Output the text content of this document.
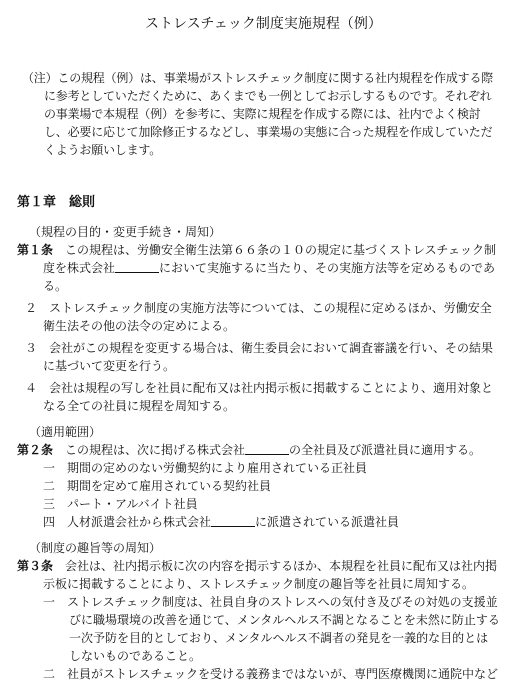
ストレスチェック制度実施規程（例）
（注）この規程（例）は、事業場がストレスチェック制度に関する社内規程を作成する際に参考としていただくために、あくまでも一例としてお示しするものです。それぞれの事業場で本規程（例）を参考に、実際に規程を作成する際には、社内でよく検討し、必要に応じて加除修正するなどし、事業場の実態に合った規程を作成していただくようお願いします。
第１章　総則

（規程の目的・変更手続き・周知）

第１条　この規程は、労働安全衛生法第６６条の１０の規定に基づくストレスチェック制度を株式会社	において実施するに当たり、その実施方法等を定めるものである。

２　ストレスチェック制度の実施方法等については、この規程に定めるほか、労働安全衛生法その他の法令の定めによる。

３　会社がこの規程を変更する場合は、衛生委員会において調査審議を行い、その結果に基づいて変更を行う。

４　会社は規程の写しを社員に配布又は社内掲示板に掲載することにより、適用対象となる全ての社員に規程を周知する。

（適用範囲）

第２条　この規程は、次に掲げる株式会社	の全社員及び派遣社員に適用する。

一　期間の定めのない労働契約により雇用されている正社員

二　期間を定めて雇用されている契約社員

三　パート・アルバイト社員

四　人材派遣会社から株式会社	に派遣されている派遣社員

（制度の趣旨等の周知）

第３条　会社は、社内掲示板に次の内容を掲示するほか、本規程を社員に配布又は社内掲示板に掲載することにより、ストレスチェック制度の趣旨等を社員に周知する。

一　ストレスチェック制度は、社員自身のストレスへの気付き及びその対処の支援並びに職場環境の改善を通じて、メンタルヘルス不調となることを未然に防止する一次予防を目的としており、メンタルヘルス不調者の発見を一義的な目的とはしないものであること。

二　社員がストレスチェックを受ける義務まではないが、専門医療機関に通院中など
